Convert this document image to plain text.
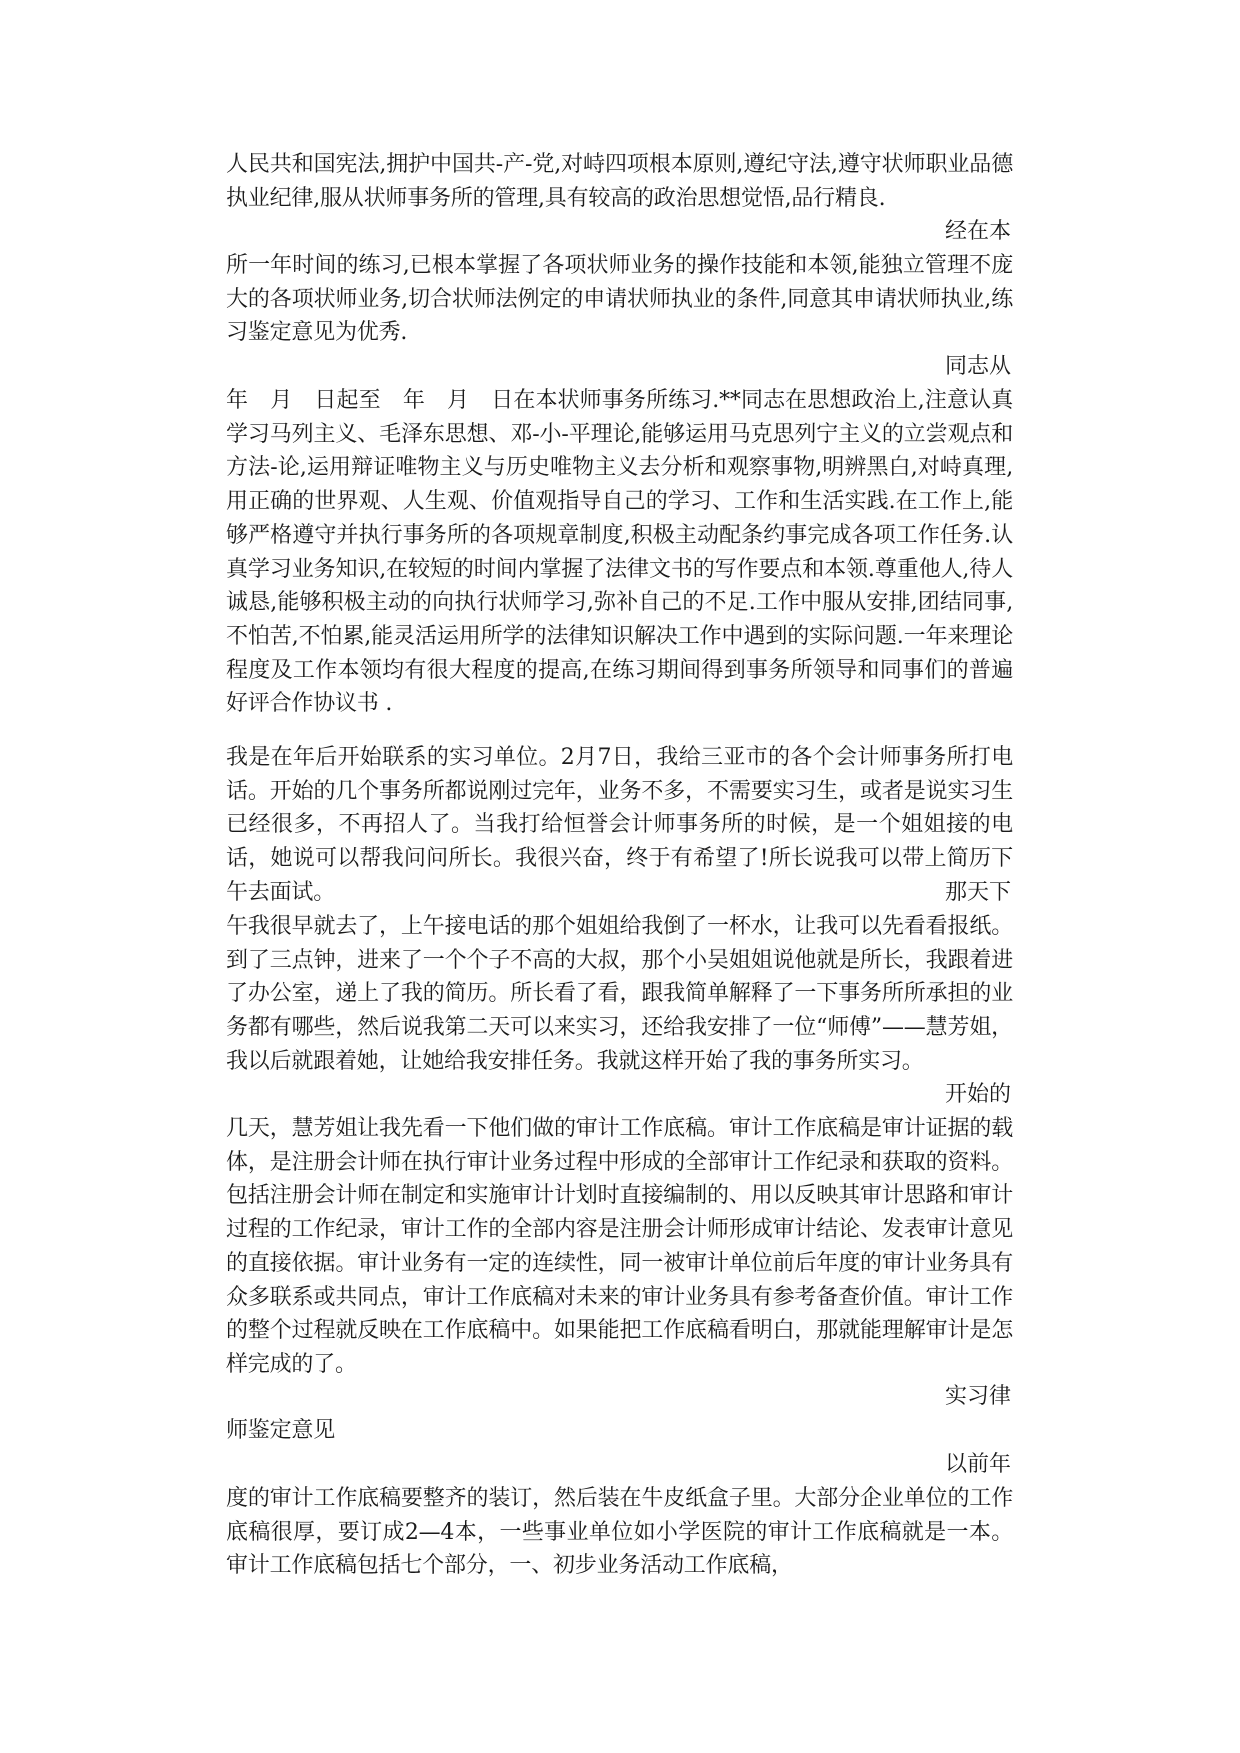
人民共和国宪法,拥护中国共-产-党,对峙四项根本原则,遵纪守法,遵守状师职业品德执业纪律,服从状师事务所的管理,具有较高的政治思想觉悟,品行精良.
经在本
所一年时间的练习,已根本掌握了各项状师业务的操作技能和本领,能独立管理不庞大的各项状师业务,切合状师法例定的申请状师执业的条件,同意其申请状师执业,练习鉴定意见为优秀.
同志从
年　月　日起至　年　月　日在本状师事务所练习.**同志在思想政治上,注意认真学习马列主义、毛泽东思想、邓-小-平理论,能够运用马克思列宁主义的立尝观点和方法-论,运用辩证唯物主义与历史唯物主义去分析和观察事物,明辨黑白,对峙真理,用正确的世界观、人生观、价值观指导自己的学习、工作和生活实践.在工作上,能够严格遵守并执行事务所的各项规章制度,积极主动配条约事完成各项工作任务.认真学习业务知识,在较短的时间内掌握了法律文书的写作要点和本领.尊重他人,待人诚恳,能够积极主动的向执行状师学习,弥补自己的不足.工作中服从安排,团结同事,不怕苦,不怕累,能灵活运用所学的法律知识解决工作中遇到的实际问题.一年来理论程度及工作本领均有很大程度的提高,在练习期间得到事务所领导和同事们的普遍好评合作协议书 .
我是在年后开始联系的实习单位。2月7日，我给三亚市的各个会计师事务所打电话。开始的几个事务所都说刚过完年，业务不多，不需要实习生，或者是说实习生已经很多，不再招人了。当我打给恒誉会计师事务所的时候，是一个姐姐接的电话，她说可以帮我问问所长。我很兴奋，终于有希望了!所长说我可以带上简历下午去面试。	那天下
午我很早就去了，上午接电话的那个姐姐给我倒了一杯水，让我可以先看看报纸。到了三点钟，进来了一个个子不高的大叔，那个小吴姐姐说他就是所长，我跟着进了办公室，递上了我的简历。所长看了看，跟我简单解释了一下事务所所承担的业务都有哪些，然后说我第二天可以来实习，还给我安排了一位“师傅”——慧芳姐，我以后就跟着她，让她给我安排任务。我就这样开始了我的事务所实习。
开始的
几天，慧芳姐让我先看一下他们做的审计工作底稿。审计工作底稿是审计证据的载体，是注册会计师在执行审计业务过程中形成的全部审计工作纪录和获取的资料。包括注册会计师在制定和实施审计计划时直接编制的、用以反映其审计思路和审计过程的工作纪录，审计工作的全部内容是注册会计师形成审计结论、发表审计意见的直接依据。审计业务有一定的连续性，同一被审计单位前后年度的审计业务具有众多联系或共同点，审计工作底稿对未来的审计业务具有参考备查价值。审计工作的整个过程就反映在工作底稿中。如果能把工作底稿看明白，那就能理解审计是怎样完成的了。
实习律
师鉴定意见
以前年
度的审计工作底稿要整齐的装订，然后装在牛皮纸盒子里。大部分企业单位的工作底稿很厚，要订成2—4本，一些事业单位如小学医院的审计工作底稿就是一本。审计工作底稿包括七个部分，一、初步业务活动工作底稿，
